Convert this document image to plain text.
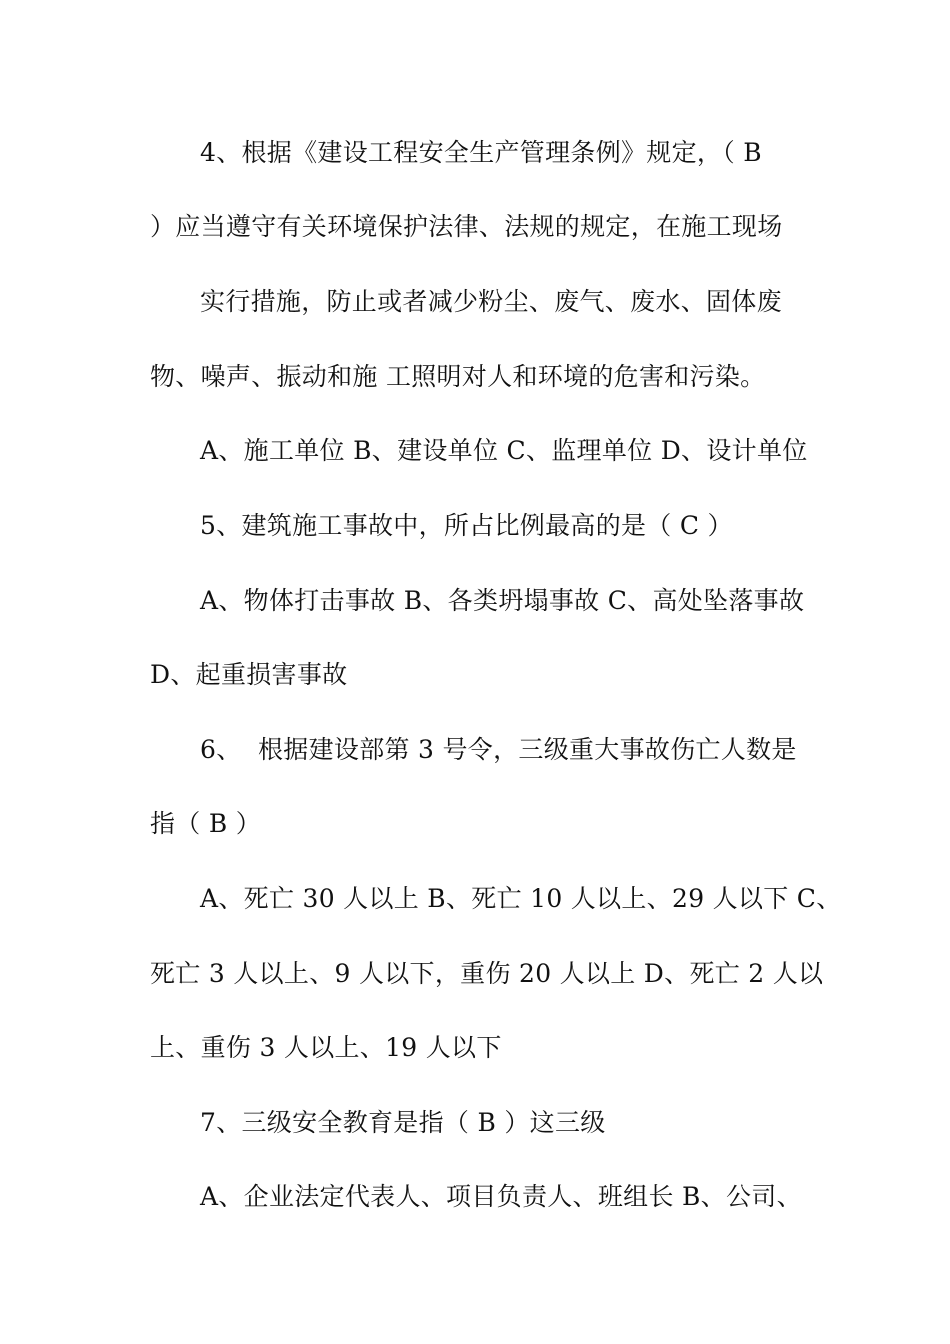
4、根据《建设工程安全生产管理条例》规定，（ B
）应当遵守有关环境保护法律、法规的规定，在施工现场
实行措施，防止或者减少粉尘、废气、废水、固体废
物、噪声、振动和施 工照明对人和环境的危害和污染。
A、施工单位 B、建设单位 C、监理单位 D、设计单位
5、建筑施工事故中，所占比例最高的是（ C ）
A、物体打击事故 B、各类坍塌事故 C、高处坠落事故
D、起重损害事故
6、  根据建设部第 3 号令，三级重大事故伤亡人数是
指（ B ）
A、死亡 30 人以上 B、死亡 10 人以上、29 人以下 C、
死亡 3 人以上、9 人以下，重伤 20 人以上 D、死亡 2 人以
上、重伤 3 人以上、19 人以下
7、三级安全教育是指（ B ）这三级
A、企业法定代表人、项目负责人、班组长 B、公司、
